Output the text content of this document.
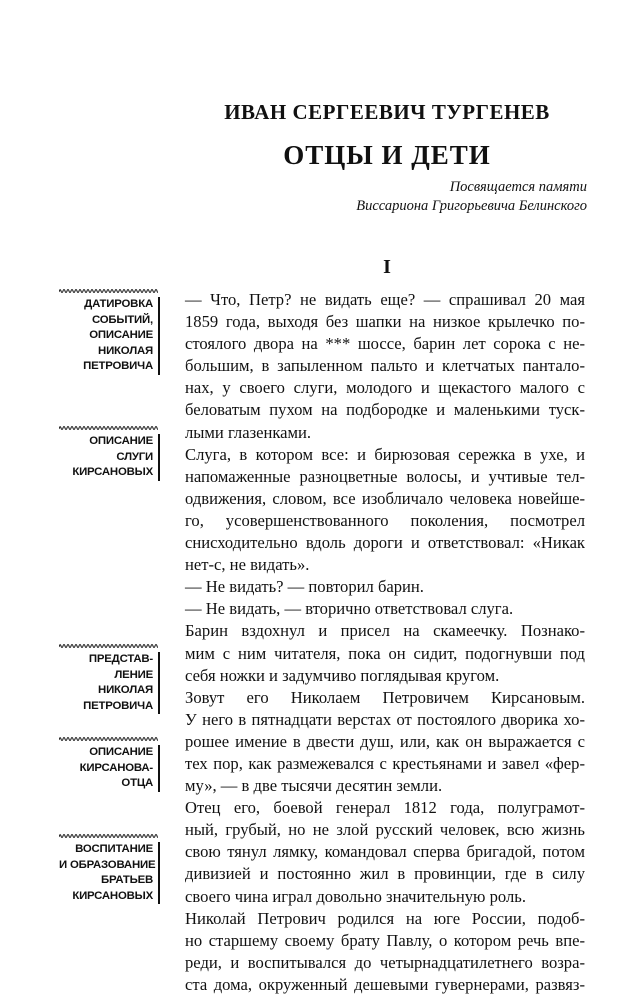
ИВАН СЕРГЕЕВИЧ ТУРГЕНЕВ
ОТЦЫ И ДЕТИ
Посвящается памяти
Виссариона Григорьевича Белинского
I
ДАТИРОВКА
СОБЫТИЙ,
ОПИСАНИЕ
НИКОЛАЯ
ПЕТРОВИЧА
ОПИСАНИЕ
СЛУГИ
КИРСАНОВЫХ
ПРЕДСТАВ-
ЛЕНИЕ
НИКОЛАЯ
ПЕТРОВИЧА
ОПИСАНИЕ
КИРСАНОВА-
ОТЦА
ВОСПИТАНИЕ
И ОБРАЗОВАНИЕ
БРАТЬЕВ
КИРСАНОВЫХ

— Что, Петр? не видать еще? — спрашивал 20 мая
1859 года, выходя без шапки на низкое крылечко по-
стоялого двора на *** шоссе, барин лет сорока с не-
большим, в запыленном пальто и клетчатых пантало-
нах, у своего слуги, молодого и щекастого малого с
беловатым пухом на подбородке и маленькими туск-
лыми глазенками.

Слуга, в котором все: и бирюзовая сережка в ухе, и
напомаженные разноцветные волосы, и учтивые тел-
одвижения, словом, все изобличало человека новейше-
го, усовершенствованного поколения, посмотрел
снисходительно вдоль дороги и ответствовал: «Никак
нет-с, не видать».

— Не видать? — повторил барин.

— Не видать, — вторично ответствовал слуга.

Барин вздохнул и присел на скамеечку. Познако-
мим с ним читателя, пока он сидит, подогнувши под
себя ножки и задумчиво поглядывая кругом.

Зовут его Николаем Петровичем Кирсановым.
У него в пятнадцати верстах от постоялого дворика хо-
рошее имение в двести душ, или, как он выражается с
тех пор, как размежевался с крестьянами и завел «фер-
му», — в две тысячи десятин земли.

Отец его, боевой генерал 1812 года, полуграмот-
ный, грубый, но не злой русский человек, всю жизнь
свою тянул лямку, командовал сперва бригадой, потом
дивизией и постоянно жил в провинции, где в силу
своего чина играл довольно значительную роль.

Николай Петрович родился на юге России, подоб-
но старшему своему брату Павлу, о котором речь впе-
реди, и воспитывался до четырнадцатилетнего возра-
ста дома, окруженный дешевыми гувернерами, развяз-
